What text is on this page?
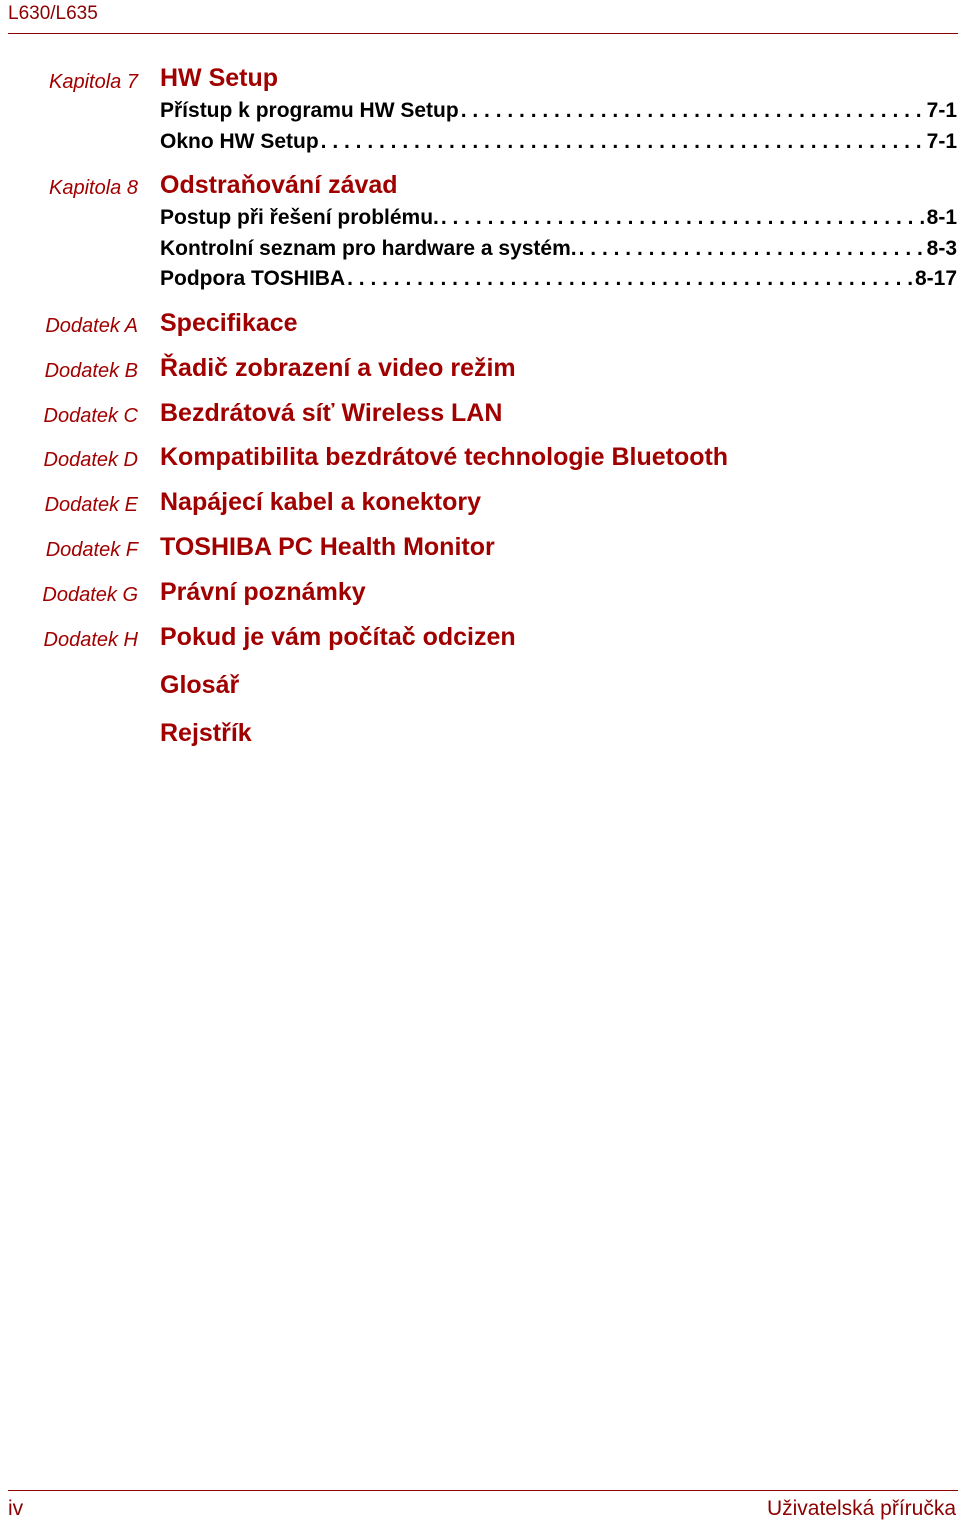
L630/L635
Kapitola 7 HW Setup
Přístup k programu HW Setup . . .	7-1
Okno HW Setup . . .	7-1
Kapitola 8 Odstraňování závad
Postup při řešení problému. . . .	8-1
Kontrolní seznam pro hardware a systém. . . .	8-3
Podpora TOSHIBA . . .	8-17
Dodatek A Specifikace
Dodatek B Řadič zobrazení a video režim
Dodatek C Bezdrátová síť Wireless LAN
Dodatek D Kompatibilita bezdrátové technologie Bluetooth
Dodatek E Napájecí kabel a konektory
Dodatek F TOSHIBA PC Health Monitor
Dodatek G Právní poznámky
Dodatek H Pokud je vám počítač odcizen
Glosář
Rejstřík
iv	Uživatelská příručka
